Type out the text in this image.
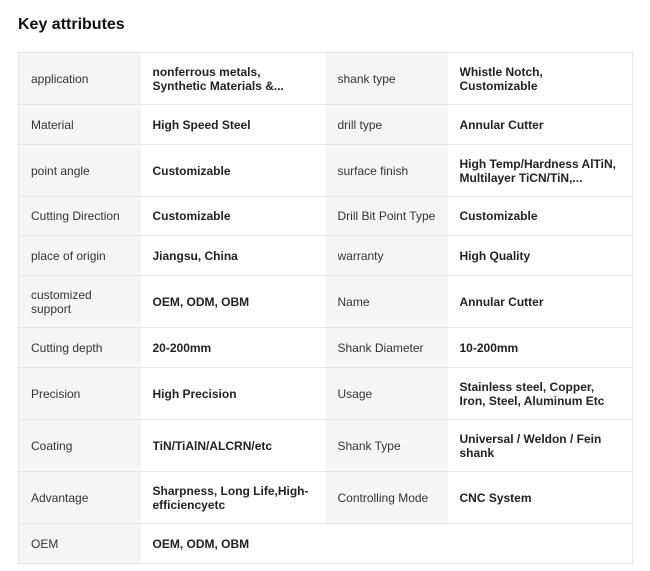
Key attributes
application	nonferrous metals, Synthetic Materials &...	shank type	Whistle Notch, Customizable

Material	High Speed Steel	drill type	Annular Cutter

point angle	Customizable	surface finish	High Temp/Hardness AlTiN, Multilayer TiCN/TiN,...

Cutting Direction	Customizable	Drill Bit Point Type	Customizable

place of origin	Jiangsu, China	warranty	High Quality

customized support	OEM, ODM, OBM	Name	Annular Cutter

Cutting depth	20-200mm	Shank Diameter	10-200mm

Precision	High Precision	Usage	Stainless steel, Copper, Iron, Steel, Aluminum Etc

Coating	TiN/TiAlN/ALCRN/etc	Shank Type	Universal / Weldon / Fein shank

Advantage	Sharpness, Long Life,High-efficiencyetc	Controlling Mode	CNC System

OEM	OEM, ODM, OBM		
